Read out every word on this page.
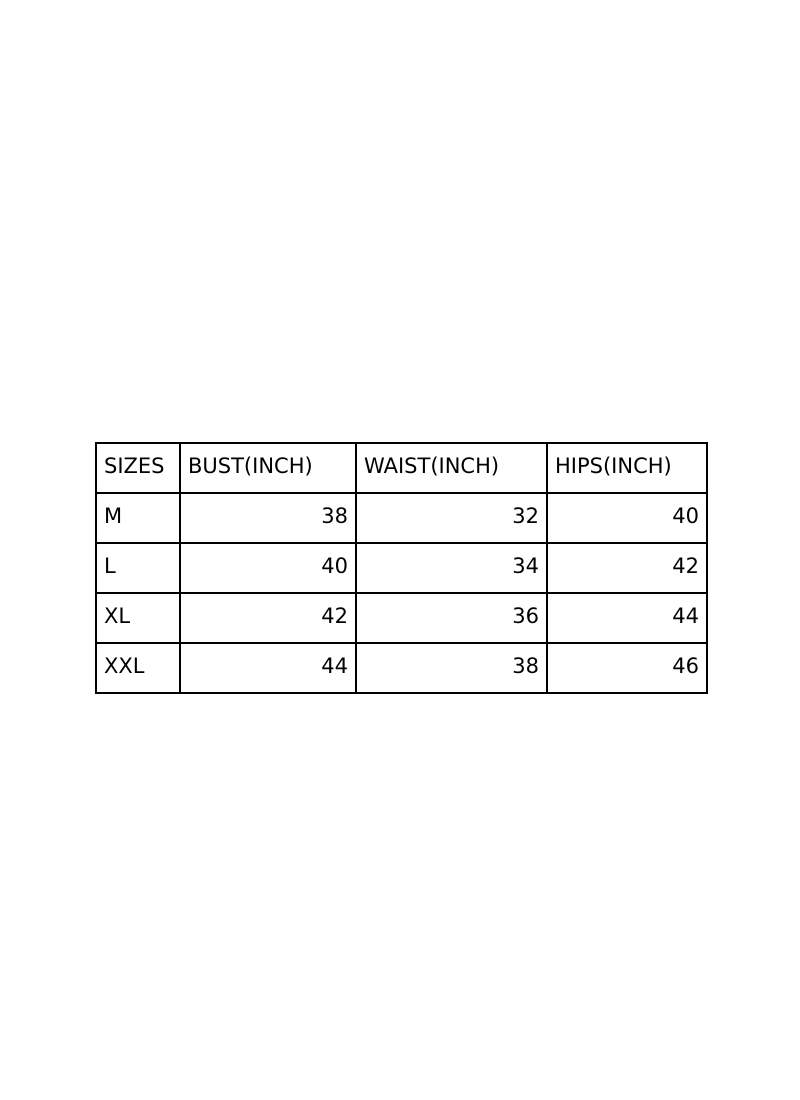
SIZES	BUST(INCH)	WAIST(INCH)	HIPS(INCH)
M	38	32	40
L	40	34	42
XL	42	36	44
XXL	44	38	46
